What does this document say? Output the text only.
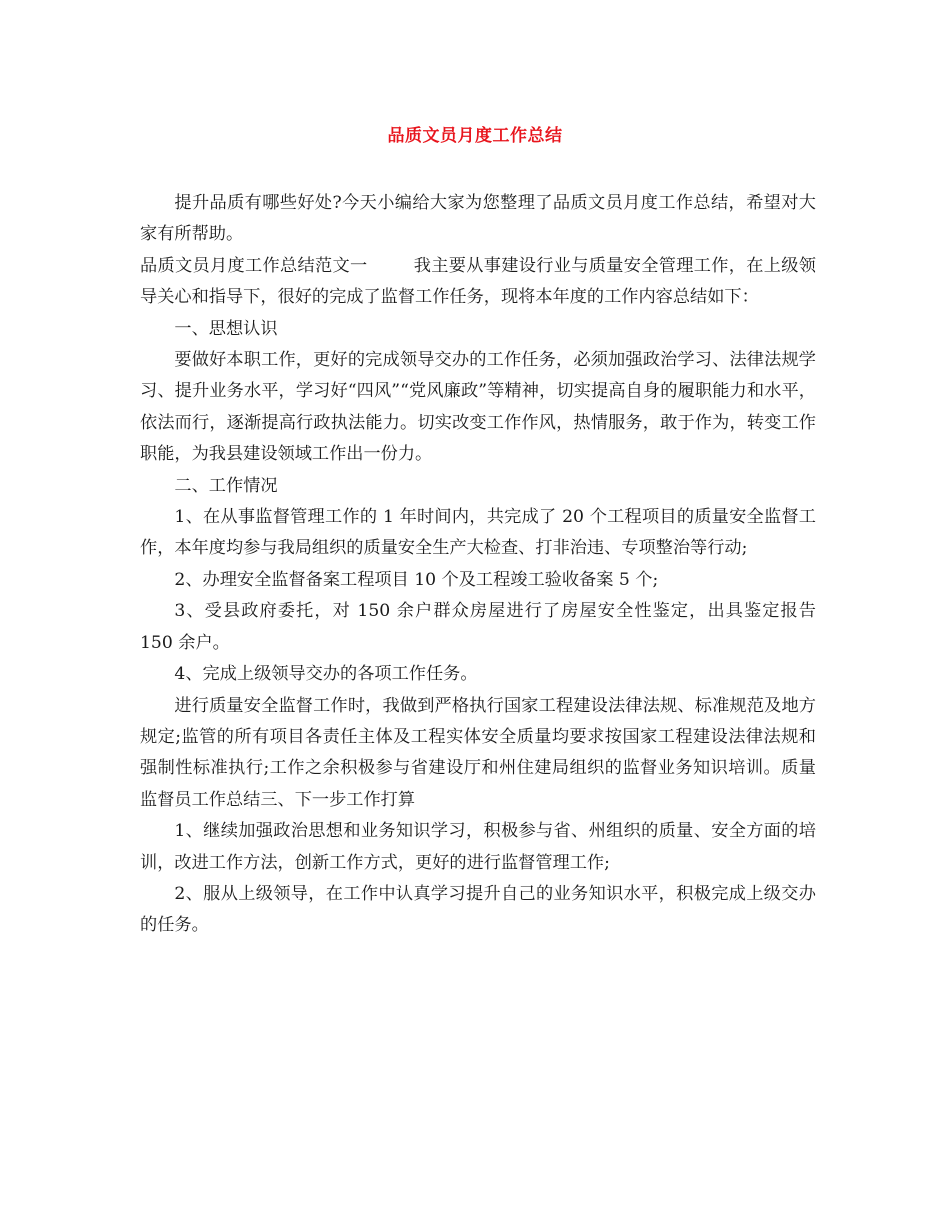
品质文员月度工作总结

提升品质有哪些好处?今天小编给大家为您整理了品质文员月度工作总结，希望对大家有所帮助。

品质文员月度工作总结范文一	我主要从事建设行业与质量安全管理工作，在上级领导关心和指导下，很好的完成了监督工作任务，现将本年度的工作内容总结如下：

一、思想认识

要做好本职工作，更好的完成领导交办的工作任务，必须加强政治学习、法律法规学习、提升业务水平，学习好“四风”“党风廉政”等精神，切实提高自身的履职能力和水平，依法而行，逐渐提高行政执法能力。切实改变工作作风，热情服务，敢于作为，转变工作职能，为我县建设领域工作出一份力。

二、工作情况

1、在从事监督管理工作的 1 年时间内，共完成了 20 个工程项目的质量安全监督工作，本年度均参与我局组织的质量安全生产大检查、打非治违、专项整治等行动;

2、办理安全监督备案工程项目 10 个及工程竣工验收备案 5 个;

3、受县政府委托，对 150 余户群众房屋进行了房屋安全性鉴定，出具鉴定报告 150 余户。

4、完成上级领导交办的各项工作任务。

进行质量安全监督工作时，我做到严格执行国家工程建设法律法规、标准规范及地方规定;监管的所有项目各责任主体及工程实体安全质量均要求按国家工程建设法律法规和强制性标准执行;工作之余积极参与省建设厅和州住建局组织的监督业务知识培训。质量监督员工作总结三、下一步工作打算

1、继续加强政治思想和业务知识学习，积极参与省、州组织的质量、安全方面的培训，改进工作方法，创新工作方式，更好的进行监督管理工作;

2、服从上级领导，在工作中认真学习提升自己的业务知识水平，积极完成上级交办的任务。
